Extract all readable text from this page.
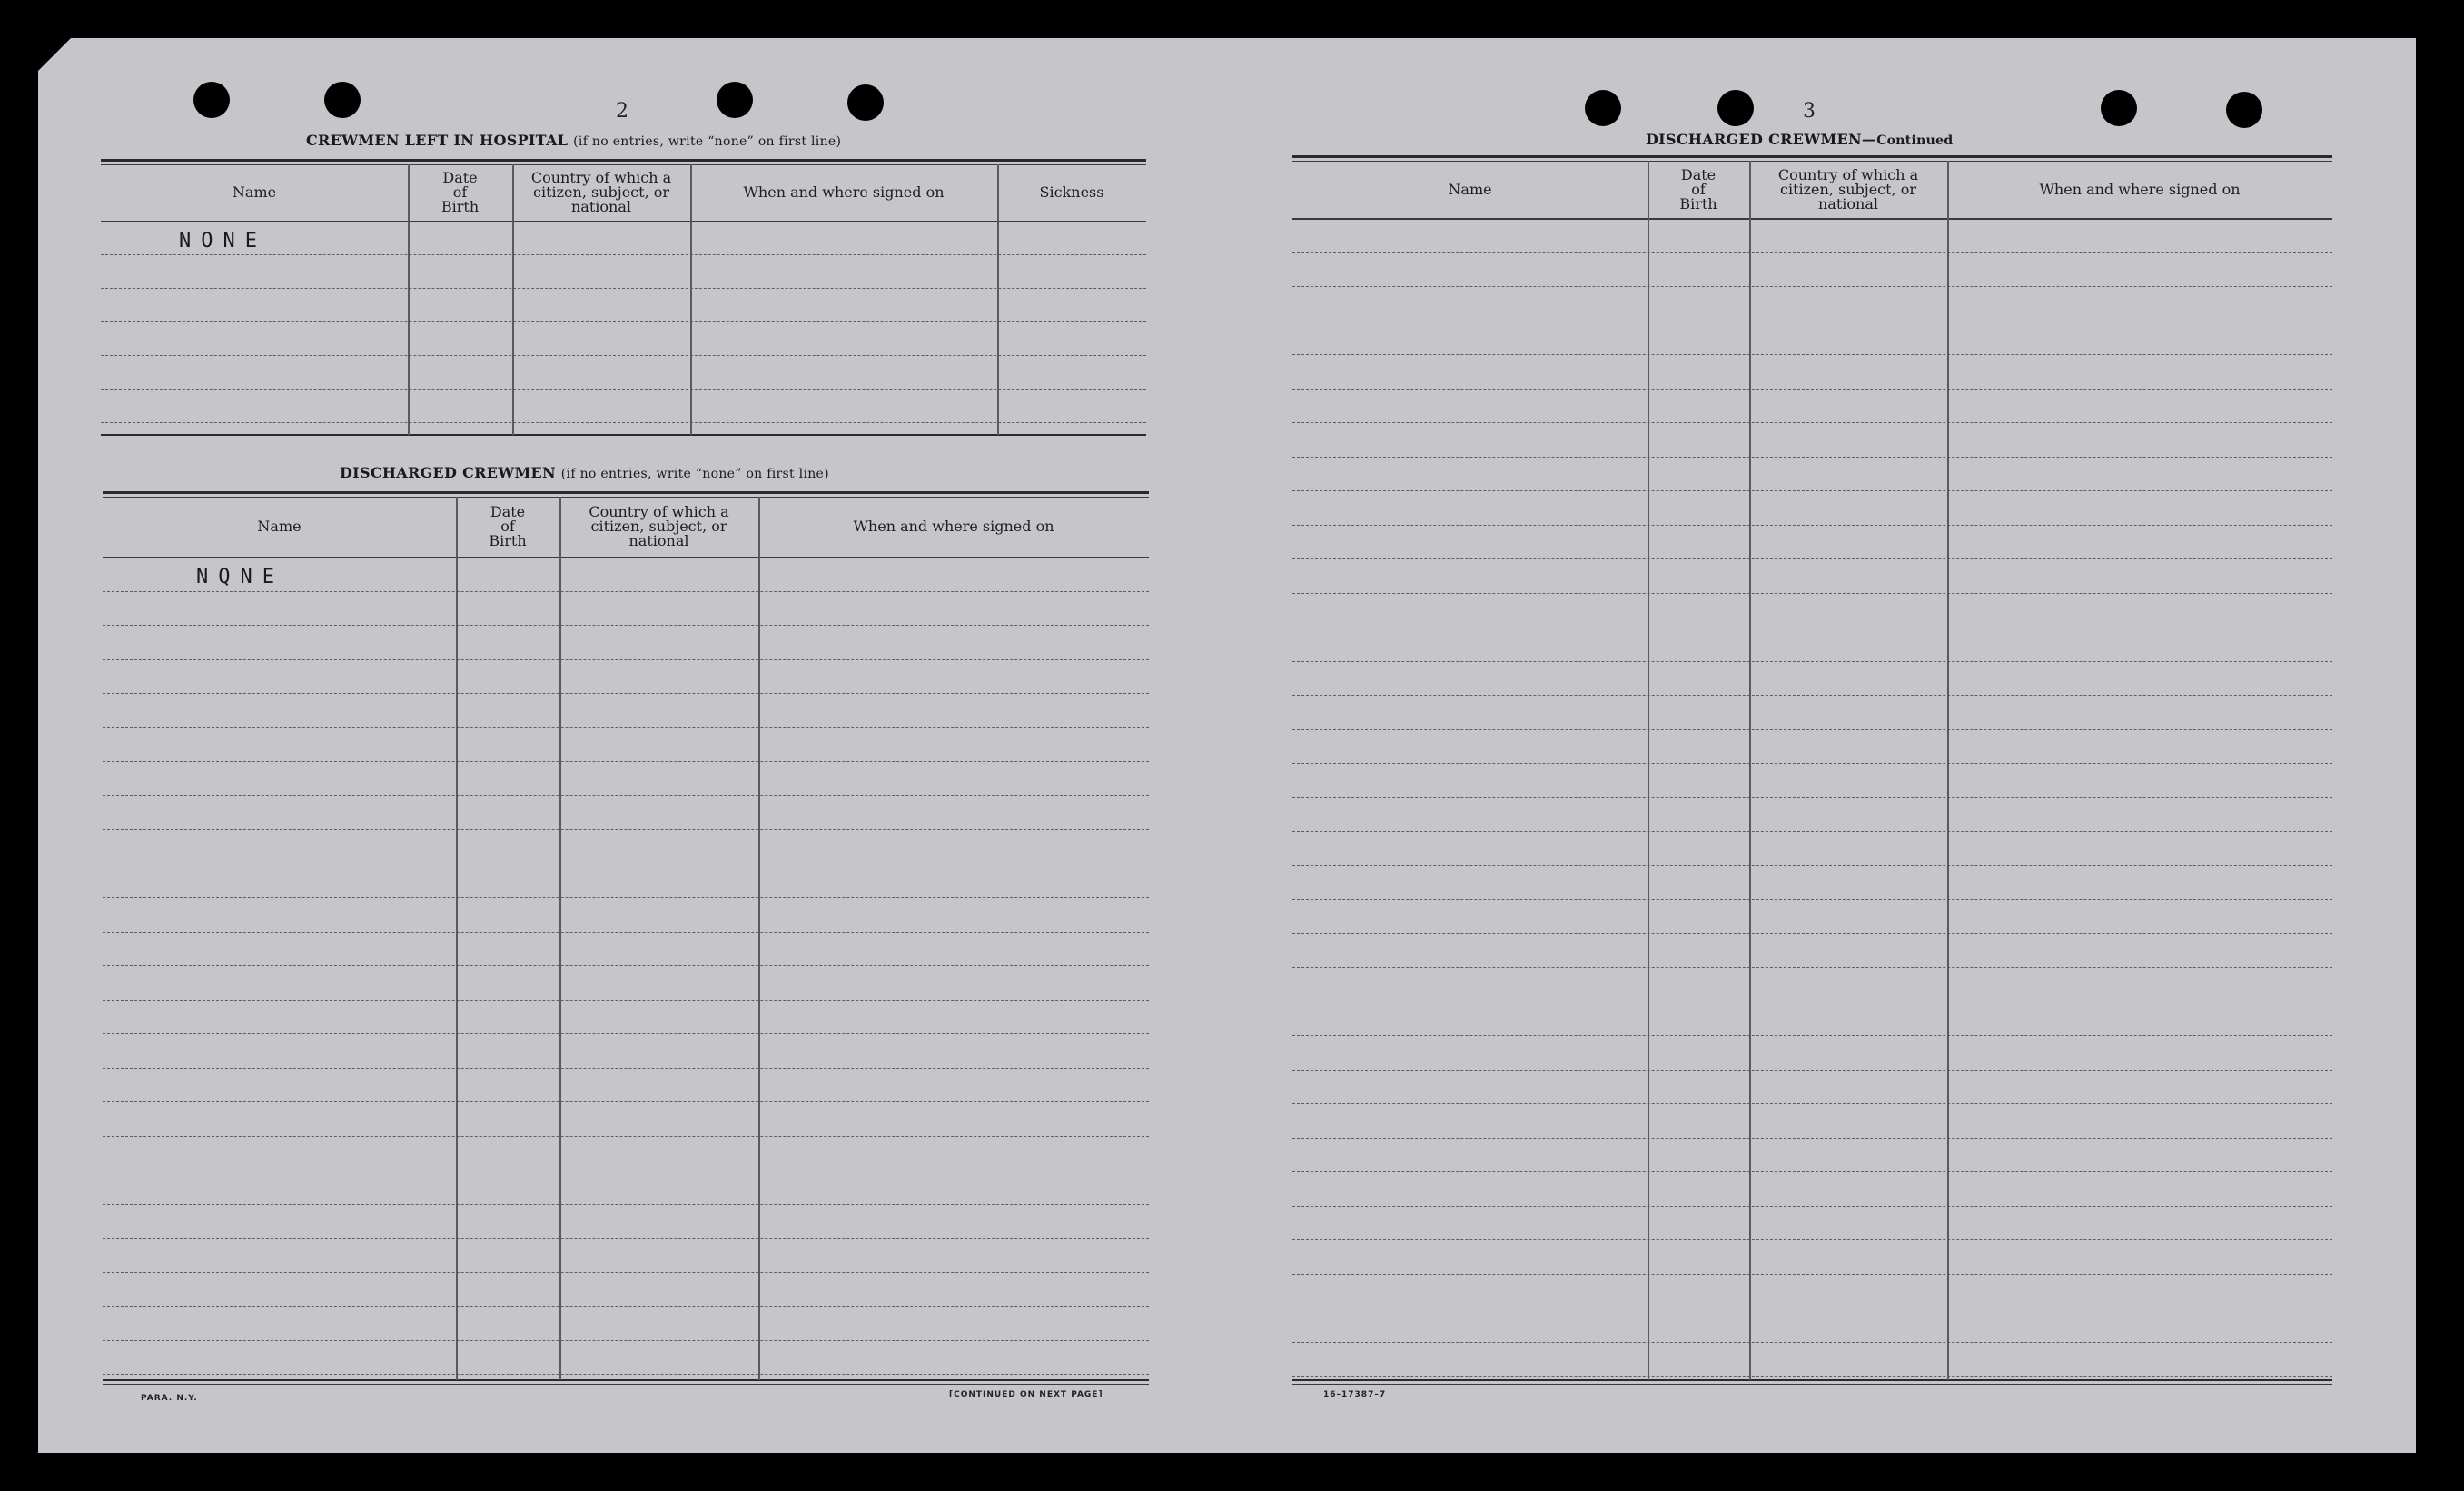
2
CREWMEN LEFT IN HOSPITAL (if no entries, write “none” on first line)
Name
Date
of
Birth
Country of which a
citizen, subject, or
national
When and where signed on	Sickness
NONE
DISCHARGED CREWMEN (if no entries, write “none” on first line)
Name
Date
of
Birth
Country of which a
citizen, subject, or
national
When and where signed on
NQNE
PARA. N.Y.	[CONTINUED ON NEXT PAGE]
3
DISCHARGED CREWMEN—Continued
Name
Date
of
Birth
Country of which a
citizen, subject, or
national
When and where signed on
16–17387–7
